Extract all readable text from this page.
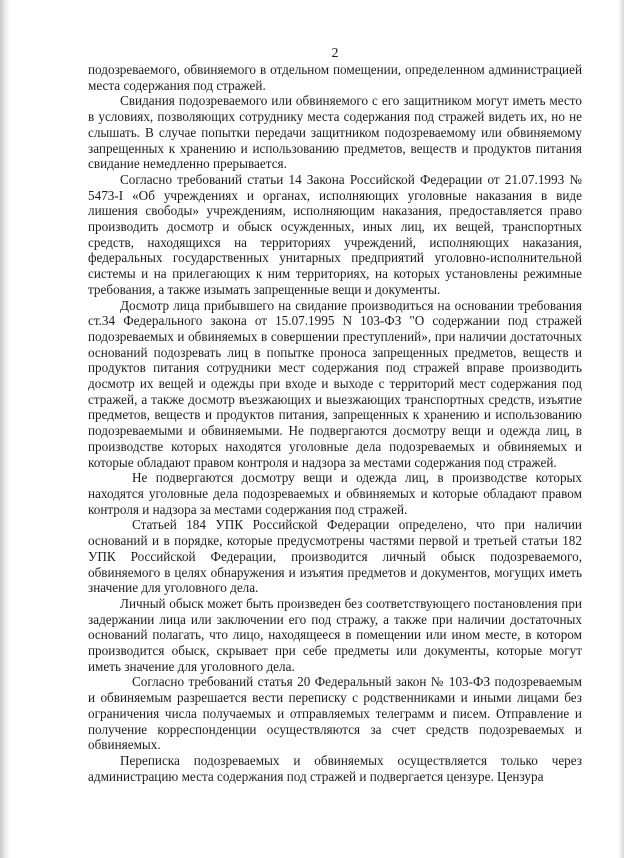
2

подозреваемого, обвиняемого в отдельном помещении, определенном администрацией места содержания под стражей.

Свидания подозреваемого или обвиняемого с его защитником могут иметь место в условиях, позволяющих сотруднику места содержания под стражей видеть их, но не слышать. В случае попытки передачи защитником подозреваемому или обвиняемому запрещенных к хранению и использованию предметов, веществ и продуктов питания свидание немедленно прерывается.

Согласно требований статьи 14 Закона Российской Федерации от 21.07.1993 № 5473-I «Об учреждениях и органах, исполняющих уголовные наказания в виде лишения свободы» учреждениям, исполняющим наказания, предоставляется право производить досмотр и обыск осужденных, иных лиц, их вещей, транспортных средств, находящихся на территориях учреждений, исполняющих наказания, федеральных государственных унитарных предприятий уголовно-исполнительной системы и на прилегающих к ним территориях, на которых установлены режимные требования, а также изымать запрещенные вещи и документы.

Досмотр лица прибывшего на свидание производиться на основании требования ст.34 Федерального закона от 15.07.1995 N 103-ФЗ "О содержании под стражей подозреваемых и обвиняемых в совершении преступлений», при наличии достаточных оснований подозревать лиц в попытке проноса запрещенных предметов, веществ и продуктов питания сотрудники мест содержания под стражей вправе производить досмотр их вещей и одежды при входе и выходе с территорий мест содержания под стражей, а также досмотр въезжающих и выезжающих транспортных средств, изъятие предметов, веществ и продуктов питания, запрещенных к хранению и использованию подозреваемыми и обвиняемыми. Не подвергаются досмотру вещи и одежда лиц, в производстве которых находятся уголовные дела подозреваемых и обвиняемых и которые обладают правом контроля и надзора за местами содержания под стражей.

Не подвергаются досмотру вещи и одежда лиц, в производстве которых находятся уголовные дела подозреваемых и обвиняемых и которые обладают правом контроля и надзора за местами содержания под стражей.

Статьей 184 УПК Российской Федерации определено, что при наличии оснований и в порядке, которые предусмотрены частями первой и третьей статьи 182 УПК Российской Федерации, производится личный обыск подозреваемого, обвиняемого в целях обнаружения и изъятия предметов и документов, могущих иметь значение для уголовного дела.

Личный обыск может быть произведен без соответствующего постановления при задержании лица или заключении его под стражу, а также при наличии достаточных оснований полагать, что лицо, находящееся в помещении или ином месте, в котором производится обыск, скрывает при себе предметы или документы, которые могут иметь значение для уголовного дела.

Согласно требований статья 20 Федеральный закон № 103-ФЗ подозреваемым и обвиняемым разрешается вести переписку с родственниками и иными лицами без ограничения числа получаемых и отправляемых телеграмм и писем. Отправление и получение корреспонденции осуществляются за счет средств подозреваемых и обвиняемых.

Переписка подозреваемых и обвиняемых осуществляется только через администрацию места содержания под стражей и подвергается цензуре. Цензура
